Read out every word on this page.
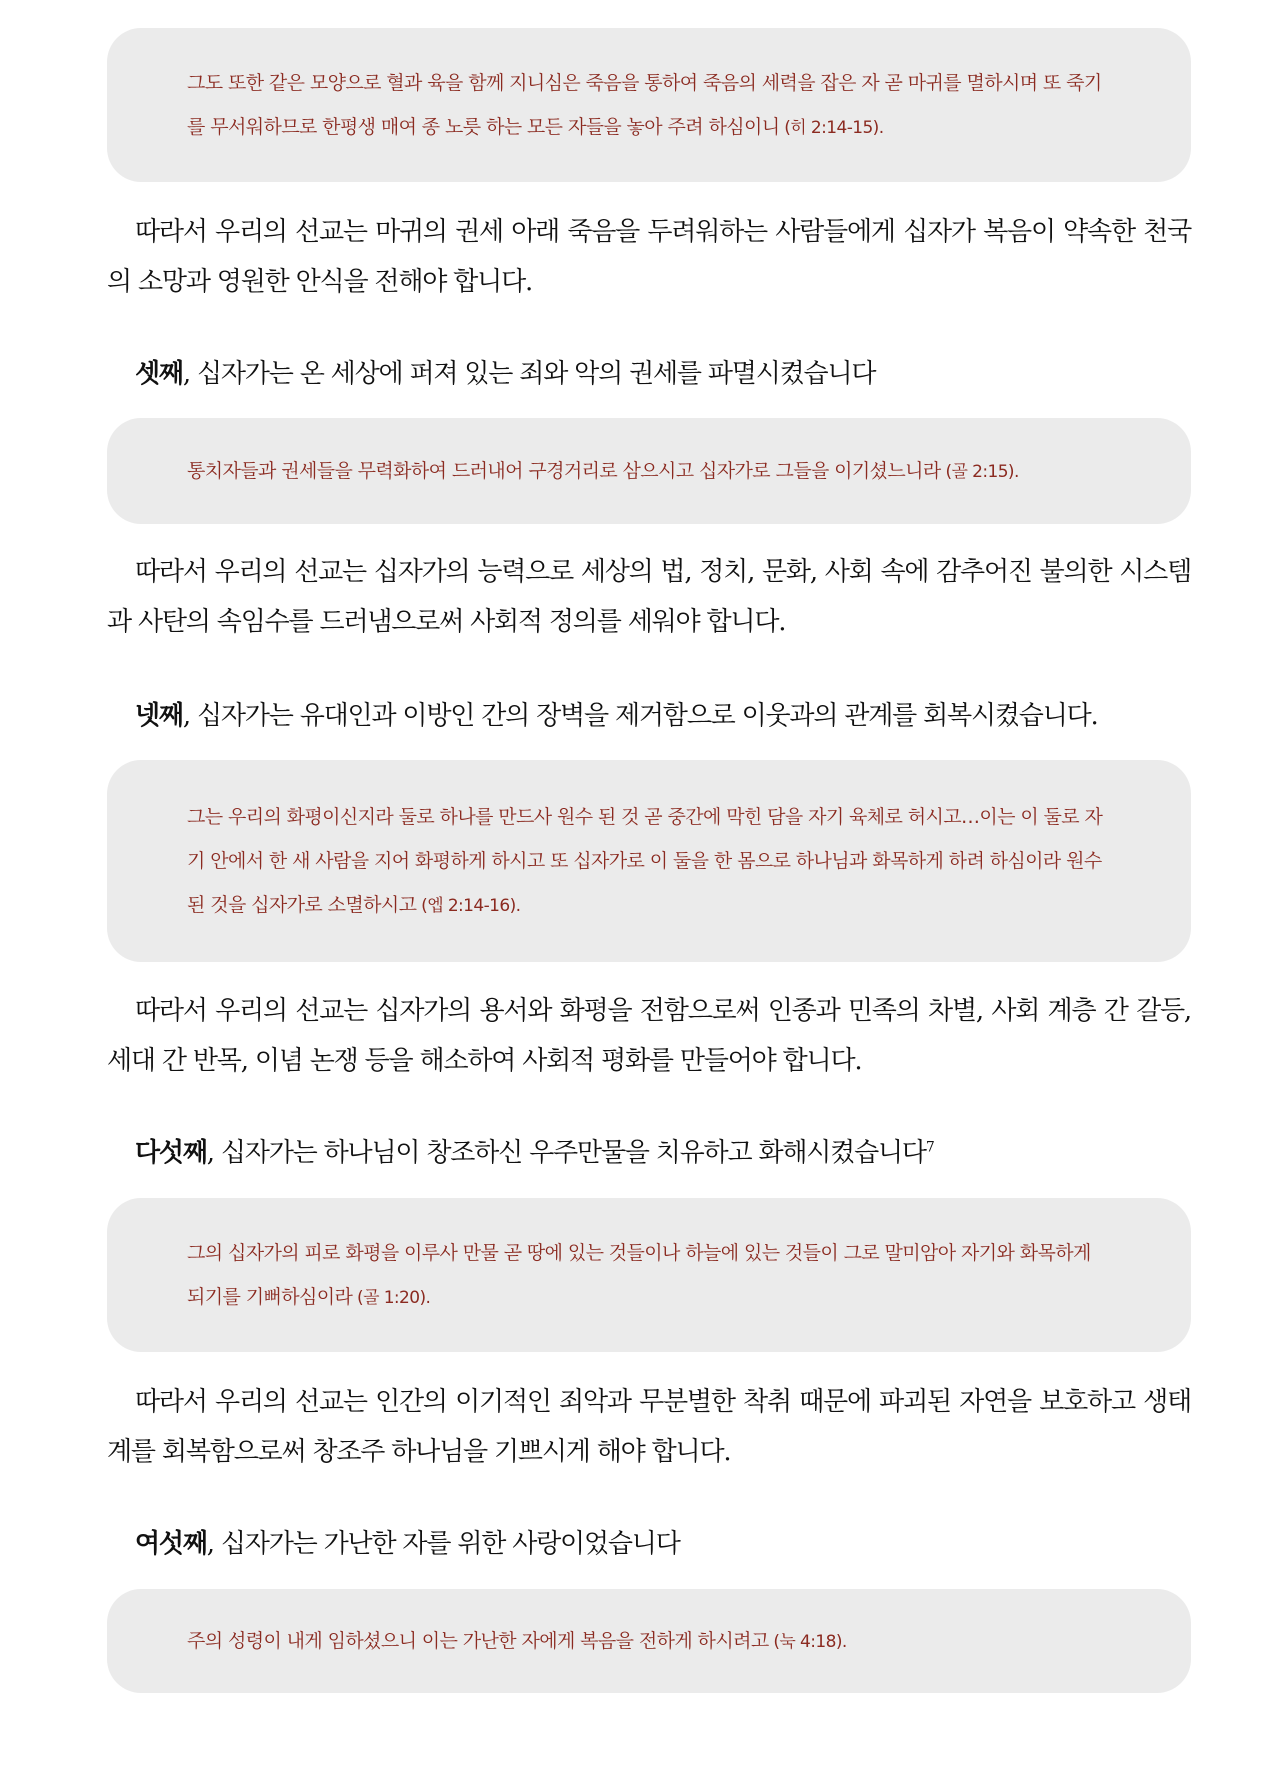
그도 또한 같은 모양으로 혈과 육을 함께 지니심은 죽음을 통하여 죽음의 세력을 잡은 자 곧 마귀를 멸하시며 또 죽기를 무서워하므로 한평생 매여 종 노릇 하는 모든 자들을 놓아 주려 하심이니 (히 2:14-15).

따라서 우리의 선교는 마귀의 권세 아래 죽음을 두려워하는 사람들에게 십자가 복음이 약속한 천국의 소망과 영원한 안식을 전해야 합니다.

셋째, 십자가는 온 세상에 퍼져 있는 죄와 악의 권세를 파멸시켰습니다

통치자들과 권세들을 무력화하여 드러내어 구경거리로 삼으시고 십자가로 그들을 이기셨느니라 (골 2:15).

따라서 우리의 선교는 십자가의 능력으로 세상의 법, 정치, 문화, 사회 속에 감추어진 불의한 시스템과 사탄의 속임수를 드러냄으로써 사회적 정의를 세워야 합니다.

넷째, 십자가는 유대인과 이방인 간의 장벽을 제거함으로 이웃과의 관계를 회복시켰습니다.

그는 우리의 화평이신지라 둘로 하나를 만드사 원수 된 것 곧 중간에 막힌 담을 자기 육체로 허시고…이는 이 둘로 자기 안에서 한 새 사람을 지어 화평하게 하시고 또 십자가로 이 둘을 한 몸으로 하나님과 화목하게 하려 하심이라 원수 된 것을 십자가로 소멸하시고 (엡 2:14-16).

따라서 우리의 선교는 십자가의 용서와 화평을 전함으로써 인종과 민족의 차별, 사회 계층 간 갈등, 세대 간 반목, 이념 논쟁 등을 해소하여 사회적 평화를 만들어야 합니다.

다섯째, 십자가는 하나님이 창조하신 우주만물을 치유하고 화해시켰습니다$^7$

그의 십자가의 피로 화평을 이루사 만물 곧 땅에 있는 것들이나 하늘에 있는 것들이 그로 말미암아 자기와 화목하게 되기를 기뻐하심이라 (골 1:20).

따라서 우리의 선교는 인간의 이기적인 죄악과 무분별한 착취 때문에 파괴된 자연을 보호하고 생태계를 회복함으로써 창조주 하나님을 기쁘시게 해야 합니다.

여섯째, 십자가는 가난한 자를 위한 사랑이었습니다

주의 성령이 내게 임하셨으니 이는 가난한 자에게 복음을 전하게 하시려고 (눅 4:18).
